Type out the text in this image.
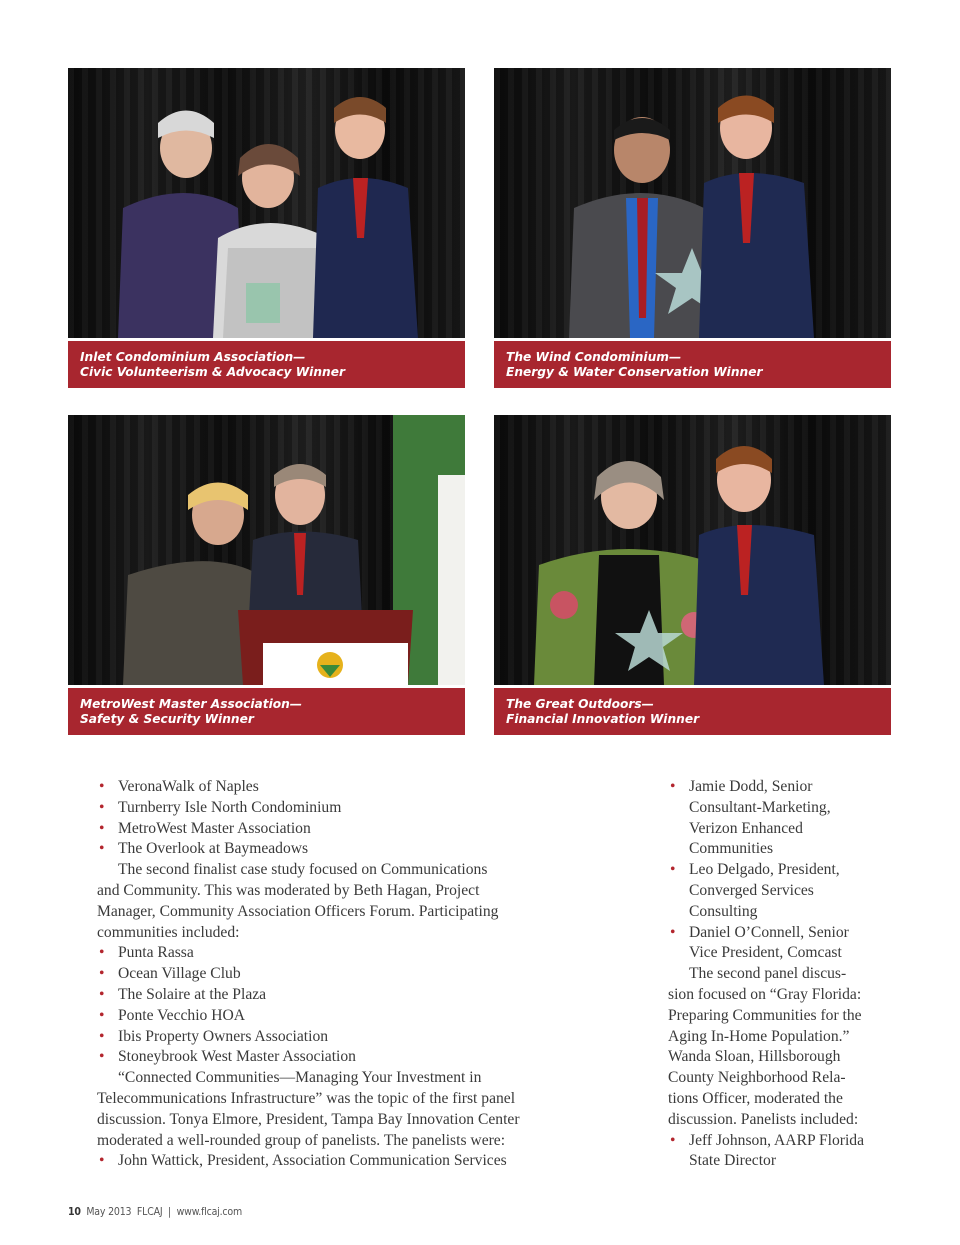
Inlet Condominium Association—
Civic Volunteerism & Advocacy Winner
The Wind Condominium—
Energy & Water Conservation Winner
MetroWest Master Association—
Safety & Security Winner
The Great Outdoors—
Financial Innovation Winner
• VeronaWalk of Naples
• Turnberry Isle North Condominium
• MetroWest Master Association
• The Overlook at Baymeadows

The second finalist case study focused on Communications
and Community. This was moderated by Beth Hagan, Project
Manager, Community Association Officers Forum. Participating
communities included:

• Punta Rassa
• Ocean Village Club
• The Solaire at the Plaza
• Ponte Vecchio HOA
• Ibis Property Owners Association
• Stoneybrook West Master Association

“Connected Communities—Managing Your Investment in
Telecommunications Infrastructure” was the topic of the first panel
discussion. Tonya Elmore, President, Tampa Bay Innovation Center
moderated a well-rounded group of panelists. The panelists were:

• John Wattick, President, Association Communication Services
• Jamie Dodd, Senior
Consultant-Marketing,
Verizon Enhanced
Communities
• Leo Delgado, President,
Converged Services
Consulting
• Daniel O’Connell, Senior
Vice President, Comcast

The second panel discus-
sion focused on “Gray Florida:
Preparing Communities for the
Aging In-Home Population.”
Wanda Sloan, Hillsborough
County Neighborhood Rela-
tions Officer, moderated the
discussion. Panelists included:

• Jeff Johnson, AARP Florida
State Director
10 May 2013  FLCAJ  |  www.flcaj.com
